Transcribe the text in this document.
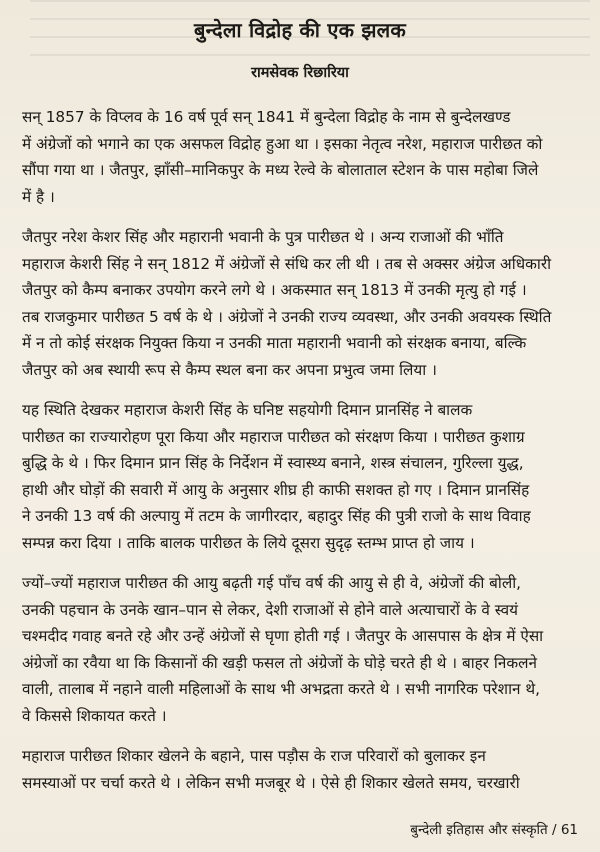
बुन्देला विद्रोह की एक झलक
रामसेवक रिछारिया

सन् 1857 के विप्लव के 16 वर्ष पूर्व सन् 1841 में बुन्देला विद्रोह के नाम से बुन्देलखण्ड
में अंग्रेजों को भगाने का एक असफल विद्रोह हुआ था । इसका नेतृत्व नरेश, महाराज पारीछत को
सौंपा गया था । जैतपुर, झाँसी–मानिकपुर के मध्य रेल्वे के बोलाताल स्टेशन के पास महोबा जिले
में है ।

जैतपुर नरेश केशर सिंह और महारानी भवानी के पुत्र पारीछत थे । अन्य राजाओं की भाँति
महाराज केशरी सिंह ने सन् 1812 में अंग्रेजों से संधि कर ली थी । तब से अक्सर अंग्रेज अधिकारी
जैतपुर को कैम्प बनाकर उपयोग करने लगे थे । अकस्मात सन् 1813 में उनकी मृत्यु हो गई ।
तब राजकुमार पारीछत 5 वर्ष के थे । अंग्रेजों ने उनकी राज्य व्यवस्था, और उनकी अवयस्क स्थिति
में न तो कोई संरक्षक नियुक्त किया न उनकी माता महारानी भवानी को संरक्षक बनाया, बल्कि
जैतपुर को अब स्थायी रूप से कैम्प स्थल बना कर अपना प्रभुत्व जमा लिया ।

यह स्थिति देखकर महाराज केशरी सिंह के घनिष्ट सहयोगी दिमान प्रानसिंह ने बालक
पारीछत का राज्यारोहण पूरा किया और महाराज पारीछत को संरक्षण किया । पारीछत कुशाग्र
बुद्धि के थे । फिर दिमान प्रान सिंह के निर्देशन में स्वास्थ्य बनाने, शस्त्र संचालन, गुरिल्ला युद्ध,
हाथी और घोड़ों की सवारी में आयु के अनुसार शीघ्र ही काफी सशक्त हो गए । दिमान प्रानसिंह
ने उनकी 13 वर्ष की अल्पायु में तटम के जागीरदार, बहादुर सिंह की पुत्री राजो के साथ विवाह
सम्पन्न करा दिया । ताकि बालक पारीछत के लिये दूसरा सुदृढ़ स्तम्भ प्राप्त हो जाय ।

ज्यों–ज्यों महाराज पारीछत की आयु बढ़ती गई पाँच वर्ष की आयु से ही वे, अंग्रेजों की बोली,
उनकी पहचान के उनके खान–पान से लेकर, देशी राजाओं से होने वाले अत्याचारों के वे स्वयं
चश्मदीद गवाह बनते रहे और उन्हें अंग्रेजों से घृणा होती गई । जैतपुर के आसपास के क्षेत्र में ऐसा
अंग्रेजों का रवैया था कि किसानों की खड़ी फसल तो अंग्रेजों के घोड़े चरते ही थे । बाहर निकलने
वाली, तालाब में नहाने वाली महिलाओं के साथ भी अभद्रता करते थे । सभी नागरिक परेशान थे,
वे किससे शिकायत करते ।

महाराज पारीछत शिकार खेलने के बहाने, पास पड़ौस के राज परिवारों को बुलाकर इन
समस्याओं पर चर्चा करते थे । लेकिन सभी मजबूर थे । ऐसे ही शिकार खेलते समय, चरखारी

बुन्देली इतिहास और संस्कृति / 61
